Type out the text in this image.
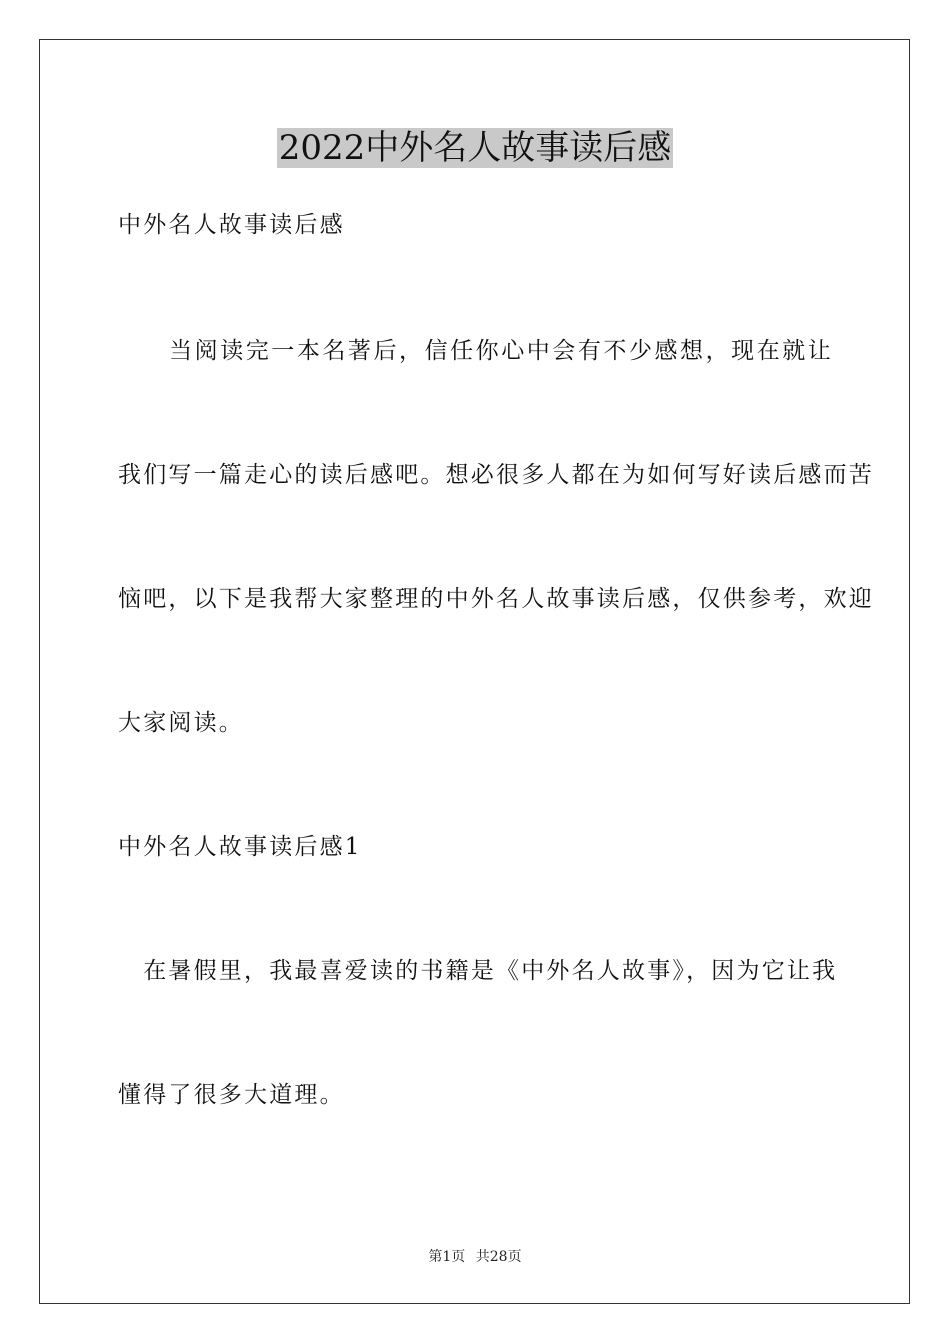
2022中外名人故事读后感
中外名人故事读后感
　　当阅读完一本名著后，信任你心中会有不少感想，现在就让
我们写一篇走心的读后感吧。想必很多人都在为如何写好读后感而苦
恼吧，以下是我帮大家整理的中外名人故事读后感，仅供参考，欢迎
大家阅读。
中外名人故事读后感1
　在暑假里，我最喜爱读的书籍是《中外名人故事》，因为它让我
懂得了很多大道理。
第1页 共28页
